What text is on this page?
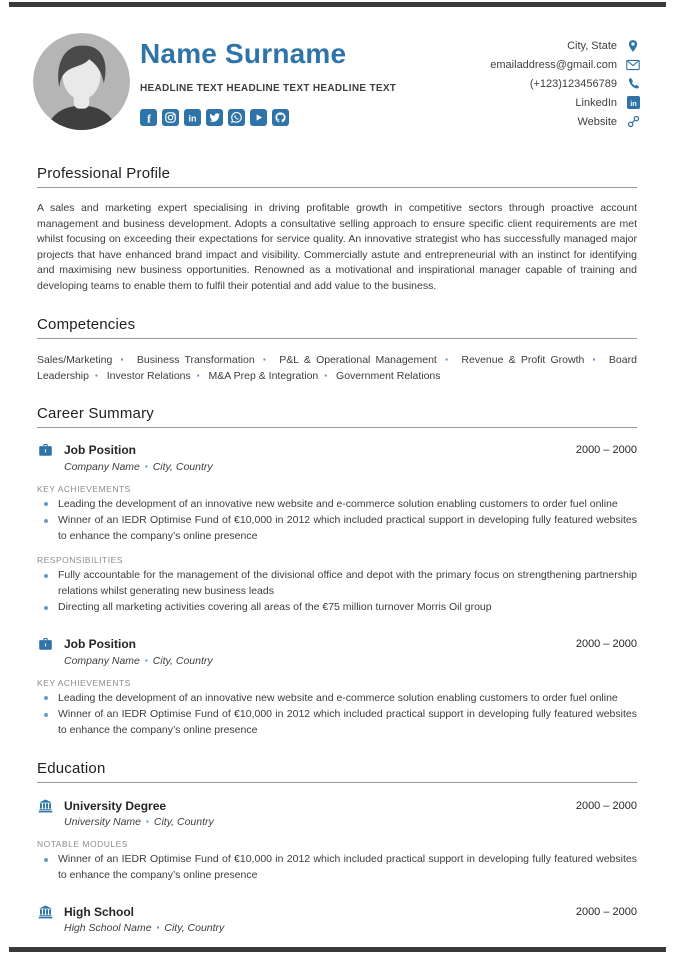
Name Surname
HEADLINE TEXT HEADLINE TEXT HEADLINE TEXT
f	in
City, State
emailaddress@gmail.com
(+123)123456789
LinkedIn in
Website
Professional Profile
A sales and marketing expert specialising in driving profitable growth in competitive sectors through proactive account management and business development. Adopts a consultative selling approach to ensure specific client requirements are met whilst focusing on exceeding their expectations for service quality. An innovative strategist who has successfully managed major projects that have enhanced brand impact and visibility. Commercially astute and entrepreneurial with an instinct for identifying and maximising new business opportunities. Renowned as a motivational and inspirational manager capable of training and developing teams to enable them to fulfil their potential and add value to the business.
Competencies
Sales/Marketing ▪ Business Transformation ▪ P&L & Operational Management ▪ Revenue & Profit Growth ▪ Board Leadership ▪ Investor Relations ▪ M&A Prep & Integration ▪ Government Relations
Career Summary
Job Position	2000 – 2000
Company Name ▪ City, Country
KEY ACHIEVEMENTS
Leading the development of an innovative new website and e-commerce solution enabling customers to order fuel online
Winner of an IEDR Optimise Fund of €10,000 in 2012 which included practical support in developing fully featured websites to enhance the company’s online presence
RESPONSIBILITIES
Fully accountable for the management of the divisional office and depot with the primary focus on strengthening partnership relations whilst generating new business leads
Directing all marketing activities covering all areas of the €75 million turnover Morris Oil group
Job Position	2000 – 2000
Company Name ▪ City, Country
KEY ACHIEVEMENTS
Leading the development of an innovative new website and e-commerce solution enabling customers to order fuel online
Winner of an IEDR Optimise Fund of €10,000 in 2012 which included practical support in developing fully featured websites to enhance the company’s online presence
Education
University Degree	2000 – 2000
University Name ▪ City, Country
NOTABLE MODULES
Winner of an IEDR Optimise Fund of €10,000 in 2012 which included practical support in developing fully featured websites to enhance the company’s online presence
High School	2000 – 2000
High School Name ▪ City, Country
